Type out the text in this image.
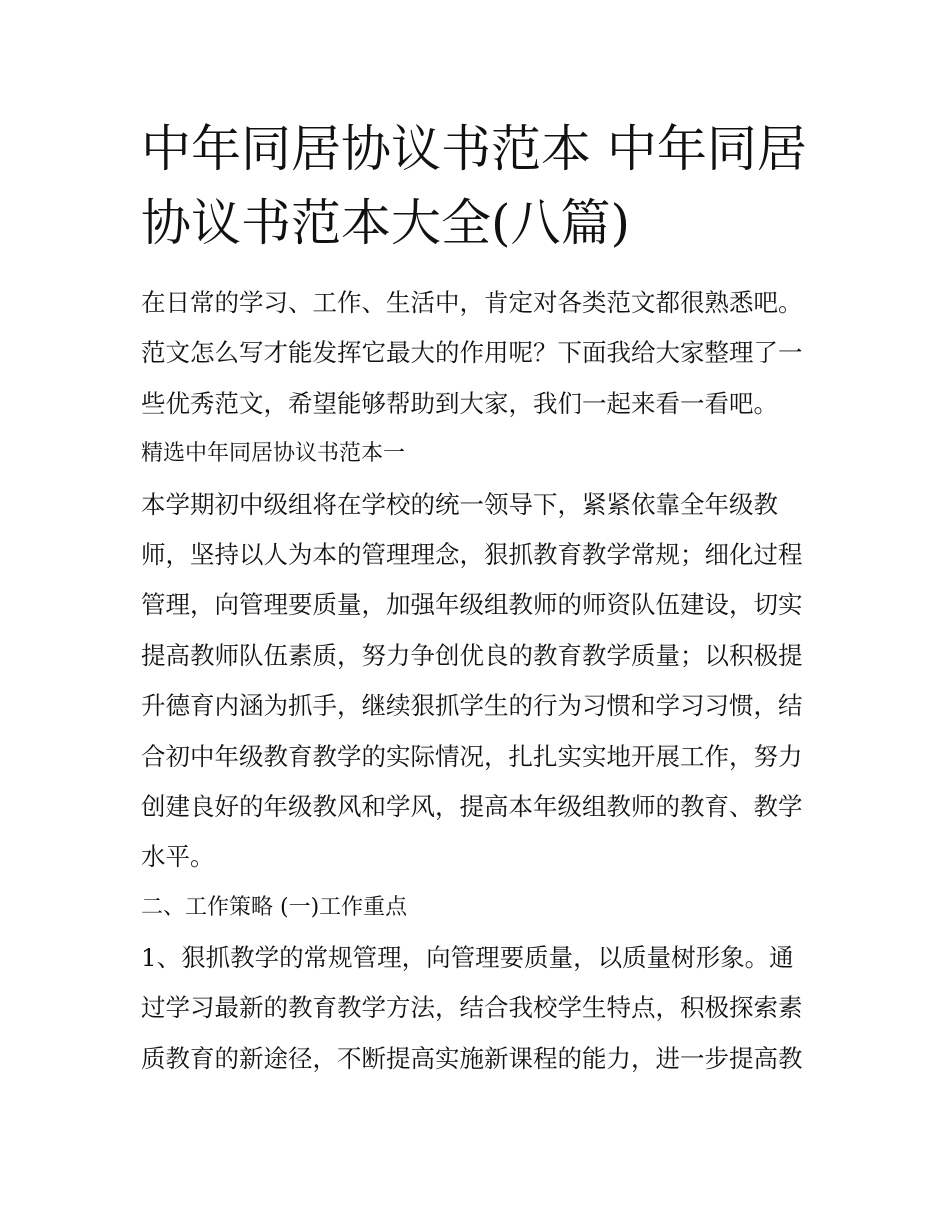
中年同居协议书范本 中年同居
协议书范本大全(八篇)
在日常的学习、工作、生活中，肯定对各类范文都很熟悉吧。
范文怎么写才能发挥它最大的作用呢？下面我给大家整理了一
些优秀范文，希望能够帮助到大家，我们一起来看一看吧。
精选中年同居协议书范本一
本学期初中级组将在学校的统一领导下，紧紧依靠全年级教
师，坚持以人为本的管理理念，狠抓教育教学常规；细化过程
管理，向管理要质量，加强年级组教师的师资队伍建设，切实
提高教师队伍素质，努力争创优良的教育教学质量；以积极提
升德育内涵为抓手，继续狠抓学生的行为习惯和学习习惯，结
合初中年级教育教学的实际情况，扎扎实实地开展工作，努力
创建良好的年级教风和学风，提高本年级组教师的教育、教学
水平。
二、工作策略 (一)工作重点
1、狠抓教学的常规管理，向管理要质量，以质量树形象。通
过学习最新的教育教学方法，结合我校学生特点，积极探索素
质教育的新途径，不断提高实施新课程的能力，进一步提高教
